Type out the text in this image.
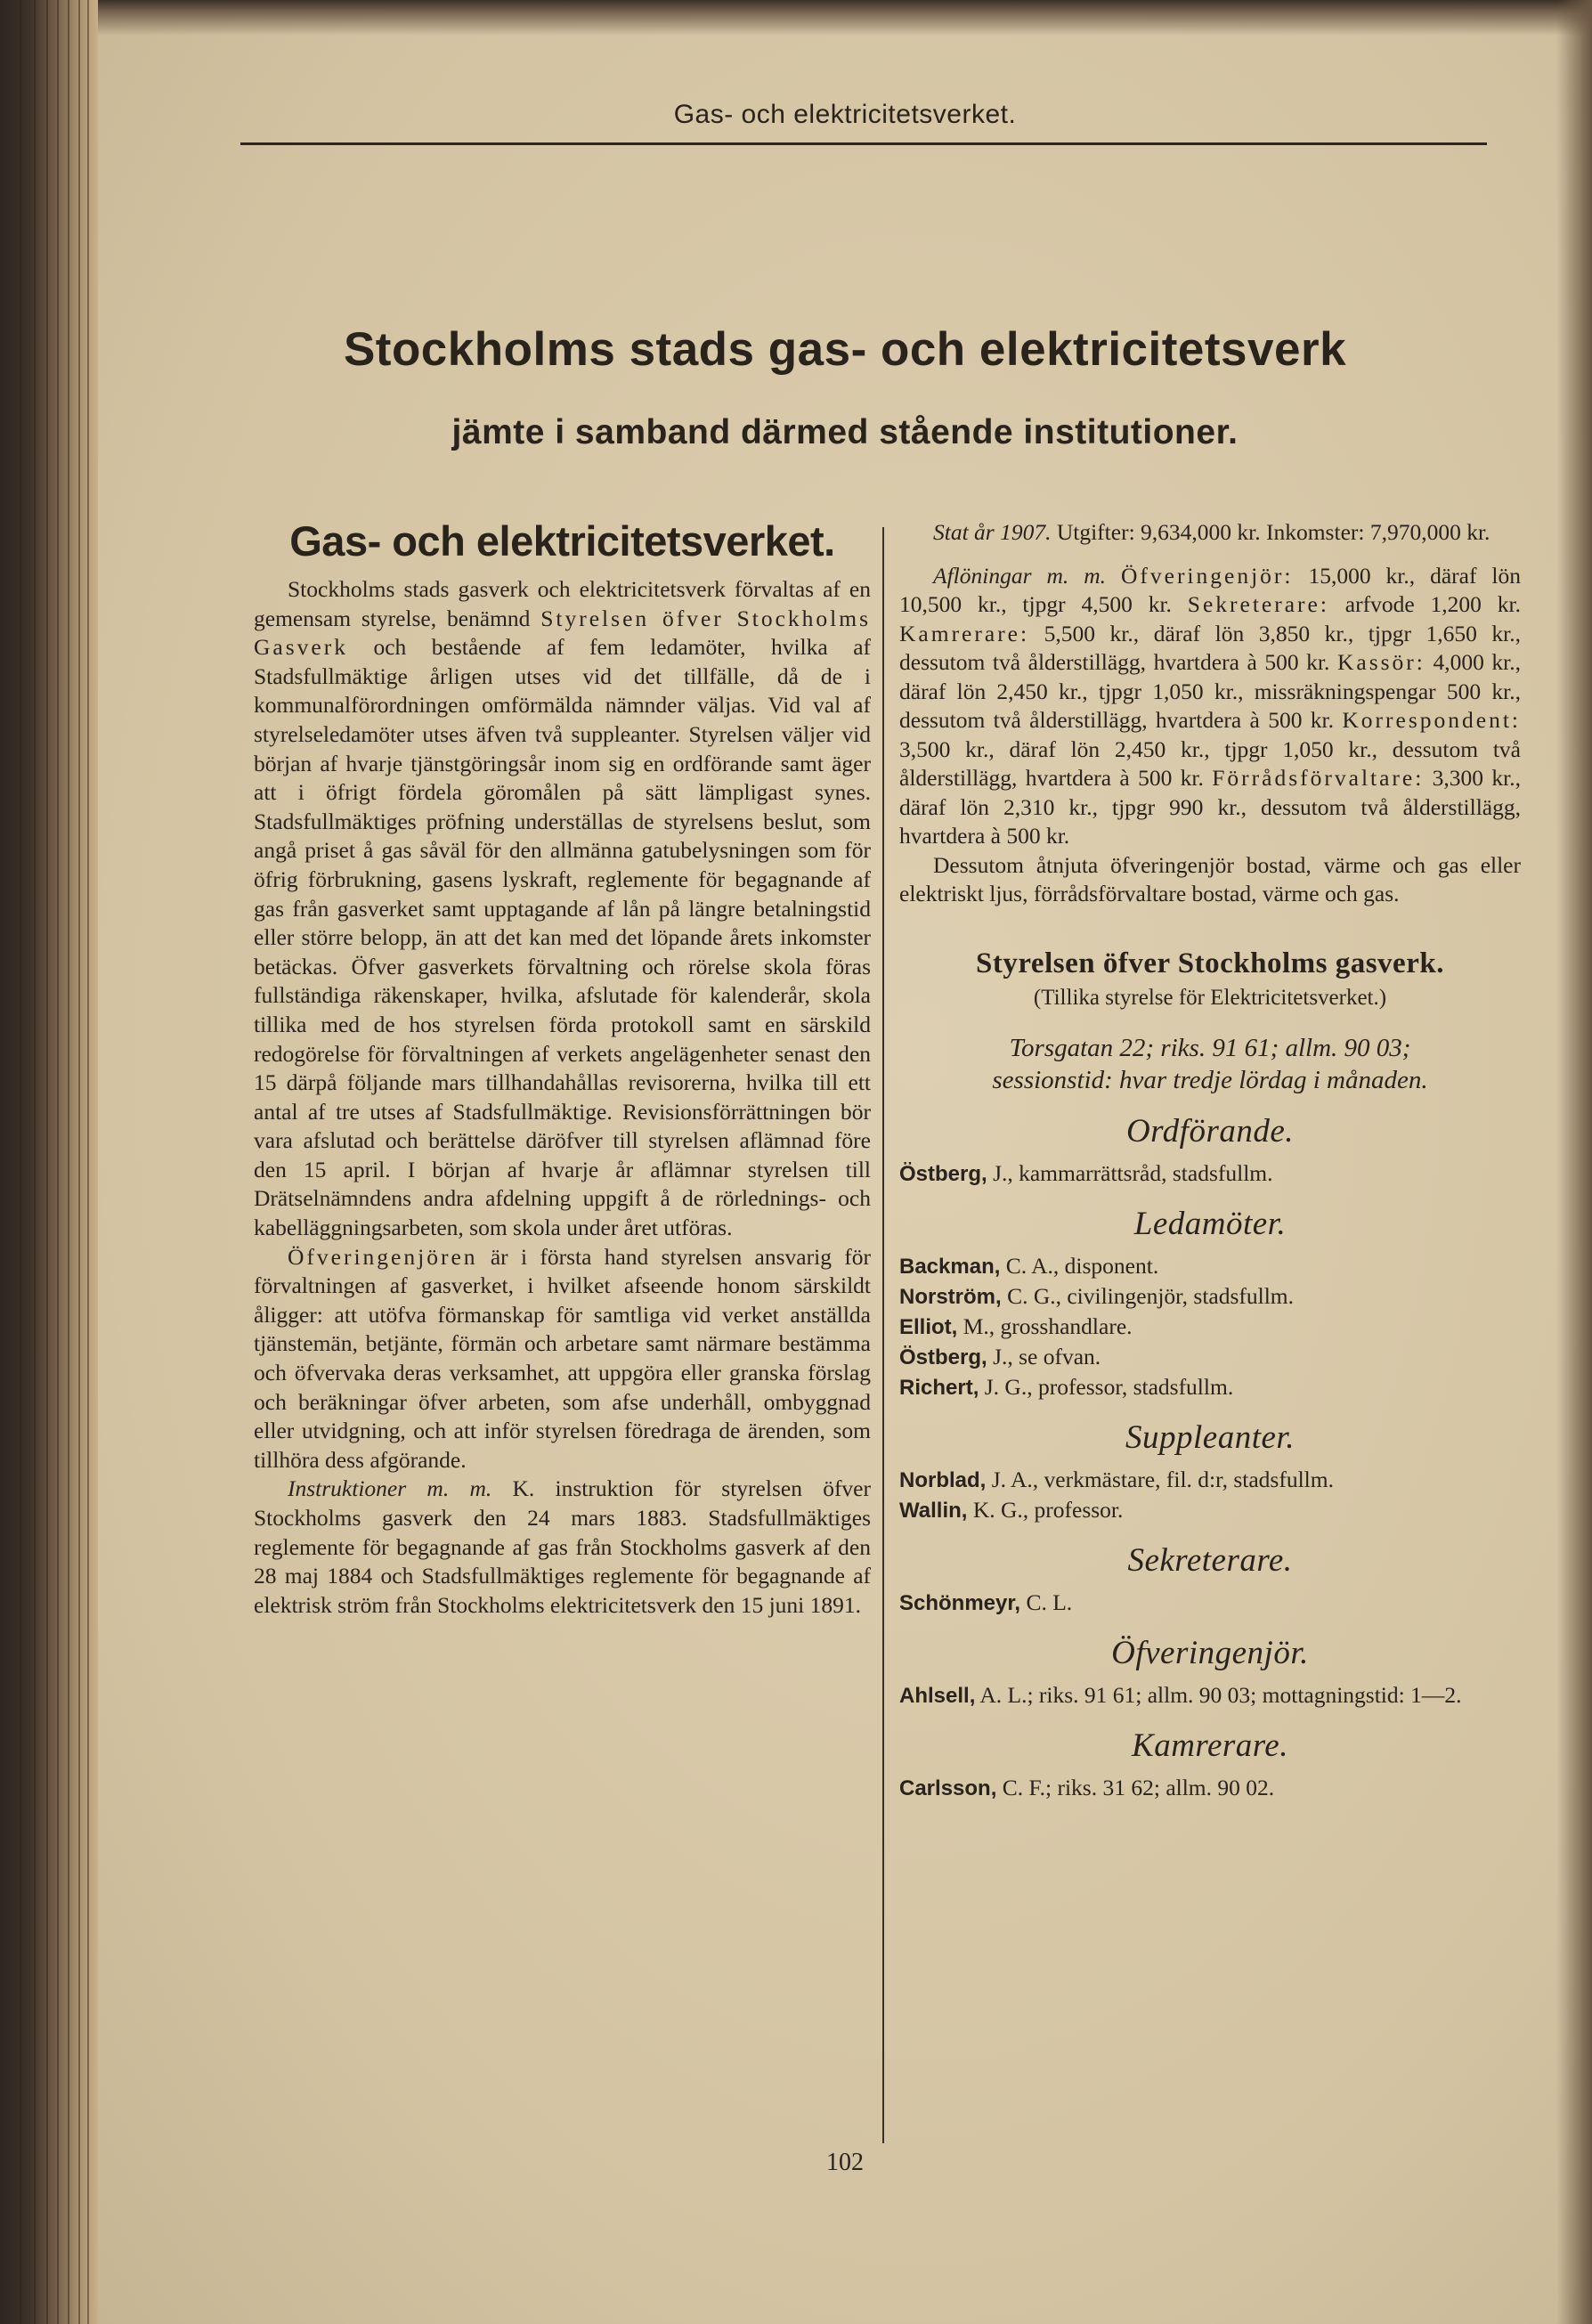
Gas- och elektricitetsverket.
Stockholms stads gas- och elektricitetsverk
jämte i samband därmed stående institutioner.
Gas- och elektricitetsverket.

Stockholms stads gasverk och elektricitetsverk förvaltas af en gemensam styrelse, benämnd Styrelsen öfver Stockholms Gasverk och bestående af fem ledamöter, hvilka af Stadsfullmäktige årligen utses vid det tillfälle, då de i kommunalförordningen omförmälda nämnder väljas. Vid val af styrelseledamöter utses äfven två suppleanter. Styrelsen väljer vid början af hvarje tjänstgöringsår inom sig en ordförande samt äger att i öfrigt fördela göromålen på sätt lämpligast synes. Stadsfullmäktiges pröfning underställas de styrelsens beslut, som angå priset å gas såväl för den allmänna gatubelysningen som för öfrig förbrukning, gasens lyskraft, reglemente för begagnande af gas från gasverket samt upptagande af lån på längre betalningstid eller större belopp, än att det kan med det löpande årets inkomster betäckas. Öfver gasverkets förvaltning och rörelse skola föras fullständiga räkenskaper, hvilka, afslutade för kalenderår, skola tillika med de hos styrelsen förda protokoll samt en särskild redogörelse för förvaltningen af verkets angelägenheter senast den 15 därpå följande mars tillhandahållas revisorerna, hvilka till ett antal af tre utses af Stadsfullmäktige. Revisionsförrättningen bör vara afslutad och berättelse däröfver till styrelsen aflämnad före den 15 april. I början af hvarje år aflämnar styrelsen till Drätselnämndens andra afdelning uppgift å de rörlednings- och kabelläggningsarbeten, som skola under året utföras.

Öfveringenjören är i första hand styrelsen ansvarig för förvaltningen af gasverket, i hvilket afseende honom särskildt åligger: att utöfva förmanskap för samtliga vid verket anställda tjänstemän, betjänte, förmän och arbetare samt närmare bestämma och öfvervaka deras verksamhet, att uppgöra eller granska förslag och beräkningar öfver arbeten, som afse underhåll, ombyggnad eller utvidgning, och att inför styrelsen föredraga de ärenden, som tillhöra dess afgörande.

Instruktioner m. m. K. instruktion för styrelsen öfver Stockholms gasverk den 24 mars 1883. Stadsfullmäktiges reglemente för begagnande af gas från Stockholms gasverk af den 28 maj 1884 och Stadsfullmäktiges reglemente för begagnande af elektrisk ström från Stockholms elektricitetsverk den 15 juni 1891.

Stat år 1907. Utgifter: 9,634,000 kr. Inkomster: 7,970,000 kr.

Aflöningar m. m. Öfveringenjör: 15,000 kr., däraf lön 10,500 kr., tjpgr 4,500 kr. Sekreterare: arfvode 1,200 kr. Kamrerare: 5,500 kr., däraf lön 3,850 kr., tjpgr 1,650 kr., dessutom två ålderstillägg, hvartdera à 500 kr. Kassör: 4,000 kr., däraf lön 2,450 kr., tjpgr 1,050 kr., missräkningspengar 500 kr., dessutom två ålderstillägg, hvartdera à 500 kr. Korrespondent: 3,500 kr., däraf lön 2,450 kr., tjpgr 1,050 kr., dessutom två ålderstillägg, hvartdera à 500 kr. Förrådsförvaltare: 3,300 kr., däraf lön 2,310 kr., tjpgr 990 kr., dessutom två ålderstillägg, hvartdera à 500 kr.

Dessutom åtnjuta öfveringenjör bostad, värme och gas eller elektriskt ljus, förrådsförvaltare bostad, värme och gas.

Styrelsen öfver Stockholms gasverk.
(Tillika styrelse för Elektricitetsverket.)
Torsgatan 22; riks. 91 61; allm. 90 03;
sessionstid: hvar tredje lördag i månaden.
Ordförande.
Östberg, J., kammarrättsråd, stadsfullm.
Ledamöter.
Backman, C. A., disponent.
Norström, C. G., civilingenjör, stadsfullm.
Elliot, M., grosshandlare.
Östberg, J., se ofvan.
Richert, J. G., professor, stadsfullm.
Suppleanter.
Norblad, J. A., verkmästare, fil. d:r, stadsfullm.
Wallin, K. G., professor.
Sekreterare.
Schönmeyr, C. L.
Öfveringenjör.
Ahlsell, A. L.; riks. 91 61; allm. 90 03; mottagningstid: 1—2.
Kamrerare.
Carlsson, C. F.; riks. 31 62; allm. 90 02.
102
